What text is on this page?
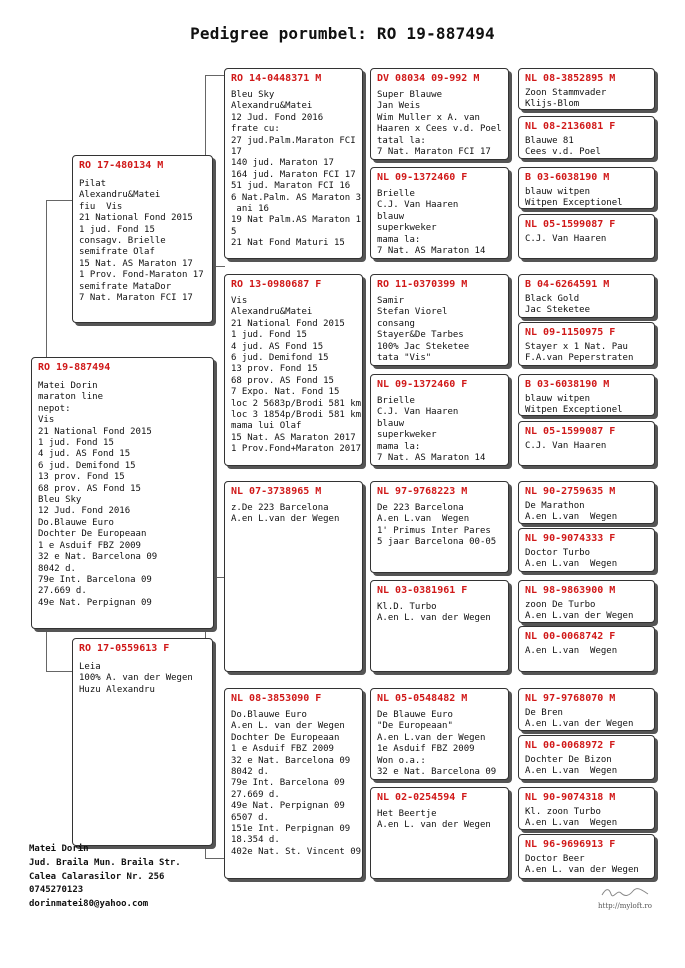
Pedigree porumbel: RO 19-887494
RO 19-887494
Matei Dorin
maraton line
nepot:
Vis
21 National Fond 2015
1 jud. Fond 15
4 jud. AS Fond 15
6 jud. Demifond 15
13 prov. Fond 15
68 prov. AS Fond 15
Bleu Sky
12 Jud. Fond 2016
Do.Blauwe Euro
Dochter De Europeaan
1 e Asduif FBZ 2009
32 e Nat. Barcelona 09
8042 d.
79e Int. Barcelona 09
27.669 d.
49e Nat. Perpignan 09
RO 17-480134 M
Pilat
Alexandru&Matei
fiu  Vis
21 National Fond 2015
1 jud. Fond 15
consagv. Brielle
semifrate Olaf
15 Nat. AS Maraton 17
1 Prov. Fond-Maraton 17
semifrate MataDor
7 Nat. Maraton FCI 17
RO 17-0559613 F
Leia
100% A. van der Wegen
Huzu Alexandru
RO 14-0448371 M
Bleu Sky
Alexandru&Matei
12 Jud. Fond 2016
frate cu:
27 jud.Palm.Maraton FCI
17
140 jud. Maraton 17
164 jud. Maraton FCI 17
51 jud. Maraton FCI 16
6 Nat.Palm. AS Maraton 3
ani 16
19 Nat Palm.AS Maraton 1
5
21 Nat Fond Maturi 15
RO 13-0980687 F
Vis
Alexandru&Matei
21 National Fond 2015
1 jud. Fond 15
4 jud. AS Fond 15
6 jud. Demifond 15
13 prov. Fond 15
68 prov. AS Fond 15
7 Expo. Nat. Fond 15
loc 2 5683p/Brodi 581 km
loc 3 1854p/Brodi 581 km
mama lui Olaf
15 Nat. AS Maraton 2017
1 Prov.Fond+Maraton 2017
NL 07-3738965 M
z.De 223 Barcelona
A.en L.van der Wegen
NL 08-3853090 F
Do.Blauwe Euro
A.en L. van der Wegen
Dochter De Europeaan
1 e Asduif FBZ 2009
32 e Nat. Barcelona 09
8042 d.
79e Int. Barcelona 09
27.669 d.
49e Nat. Perpignan 09
6507 d.
151e Int. Perpignan 09
18.354 d.
402e Nat. St. Vincent 09
DV 08034 09-992 M
Super Blauwe
Jan Weis
Wim Muller x A. van
Haaren x Cees v.d. Poel
tatal la:
7 Nat. Maraton FCI 17
NL 09-1372460 F
Brielle
C.J. Van Haaren
blauw
superkweker
mama la:
7 Nat. AS Maraton 14
RO 11-0370399 M
Samir
Stefan Viorel
consang
Stayer&De Tarbes
100% Jac Steketee
tata "Vis"
NL 09-1372460 F
Brielle
C.J. Van Haaren
blauw
superkweker
mama la:
7 Nat. AS Maraton 14
NL 97-9768223 M
De 223 Barcelona
A.en L.van  Wegen
1' Primus Inter Pares
5 jaar Barcelona 00-05
NL 03-0381961 F
Kl.D. Turbo
A.en L. van der Wegen
NL 05-0548482 M
De Blauwe Euro
"De Europeaan"
A.en L.van der Wegen
1e Asduif FBZ 2009
Won o.a.:
32 e Nat. Barcelona 09
NL 02-0254594 F
Het Beertje
A.en L. van der Wegen
NL 08-3852895 M
Zoon Stammvader
Klijs-Blom
NL 08-2136081 F
Blauwe 81
Cees v.d. Poel
B 03-6038190 M
blauw witpen
Witpen Exceptionel
NL 05-1599087 F
C.J. Van Haaren
B 04-6264591 M
Black Gold
Jac Steketee
NL 09-1150975 F
Stayer x 1 Nat. Pau
F.A.van Peperstraten
B 03-6038190 M
blauw witpen
Witpen Exceptionel
NL 05-1599087 F
C.J. Van Haaren
NL 90-2759635 M
De Marathon
A.en L.van  Wegen
NL 90-9074333 F
Doctor Turbo
A.en L.van  Wegen
NL 98-9863900 M
zoon De Turbo
A.en L.van der Wegen
NL 00-0068742 F
A.en L.van  Wegen
NL 97-9768070 M
De Bren
A.en L.van der Wegen
NL 00-0068972 F
Dochter De Bizon
A.en L.van  Wegen
NL 90-9074318 M
Kl. zoon Turbo
A.en L.van  Wegen
NL 96-9696913 F
Doctor Beer
A.en L. van der Wegen
Matei Dorin
Jud. Braila Mun. Braila Str.
Calea Calarasilor Nr. 256
0745270123
dorinmatei80@yahoo.com	http://myloft.ro
